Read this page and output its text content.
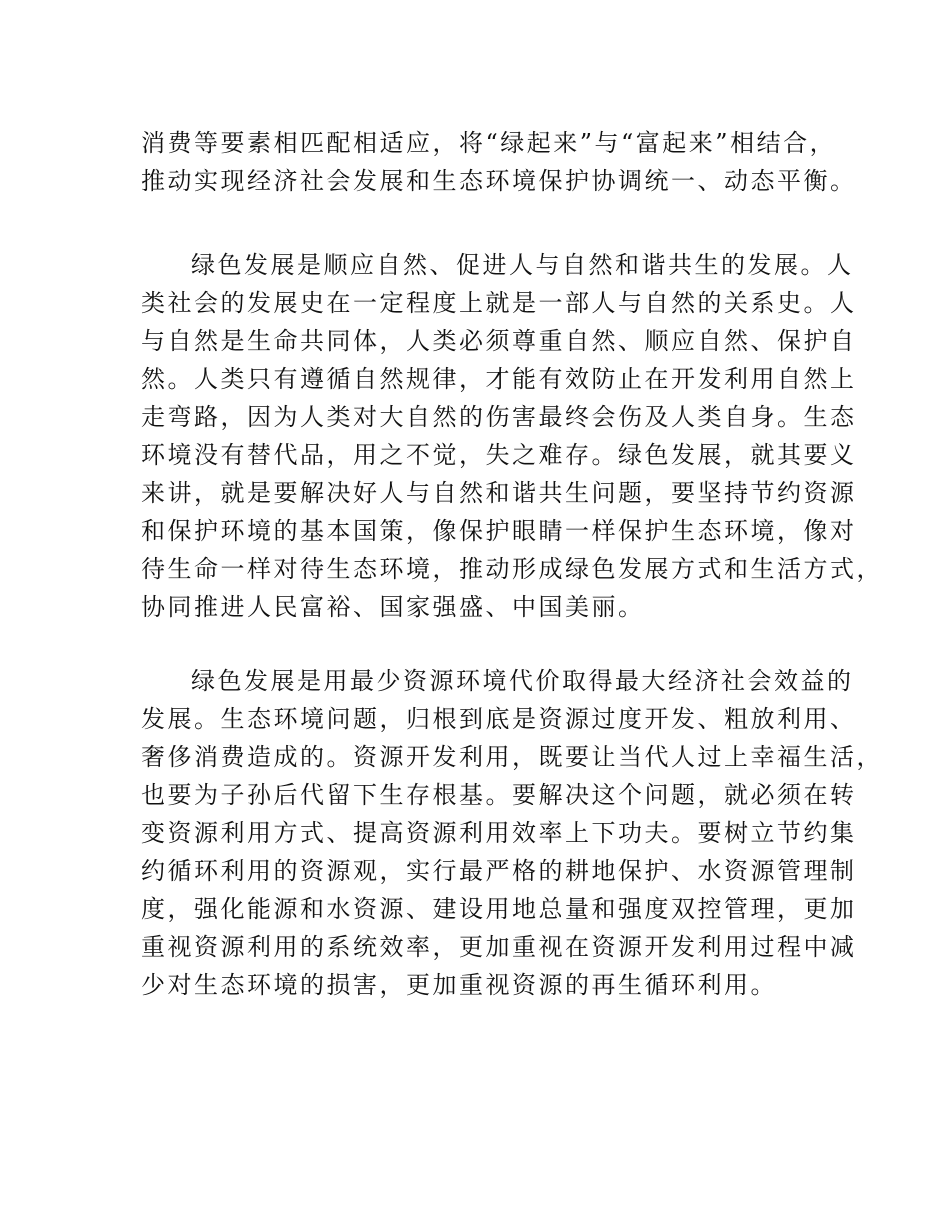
消费等要素相匹配相适应，将“绿起来”与“富起来”相结合，
推动实现经济社会发展和生态环境保护协调统一、动态平衡。
绿色发展是顺应自然、促进人与自然和谐共生的发展。人
类社会的发展史在一定程度上就是一部人与自然的关系史。人
与自然是生命共同体，人类必须尊重自然、顺应自然、保护自
然。人类只有遵循自然规律，才能有效防止在开发利用自然上
走弯路，因为人类对大自然的伤害最终会伤及人类自身。生态
环境没有替代品，用之不觉，失之难存。绿色发展，就其要义
来讲，就是要解决好人与自然和谐共生问题，要坚持节约资源
和保护环境的基本国策，像保护眼睛一样保护生态环境，像对
待生命一样对待生态环境，推动形成绿色发展方式和生活方式，
协同推进人民富裕、国家强盛、中国美丽。
绿色发展是用最少资源环境代价取得最大经济社会效益的
发展。生态环境问题，归根到底是资源过度开发、粗放利用、
奢侈消费造成的。资源开发利用，既要让当代人过上幸福生活，
也要为子孙后代留下生存根基。要解决这个问题，就必须在转
变资源利用方式、提高资源利用效率上下功夫。要树立节约集
约循环利用的资源观，实行最严格的耕地保护、水资源管理制
度，强化能源和水资源、建设用地总量和强度双控管理，更加
重视资源利用的系统效率，更加重视在资源开发利用过程中减
少对生态环境的损害，更加重视资源的再生循环利用。
